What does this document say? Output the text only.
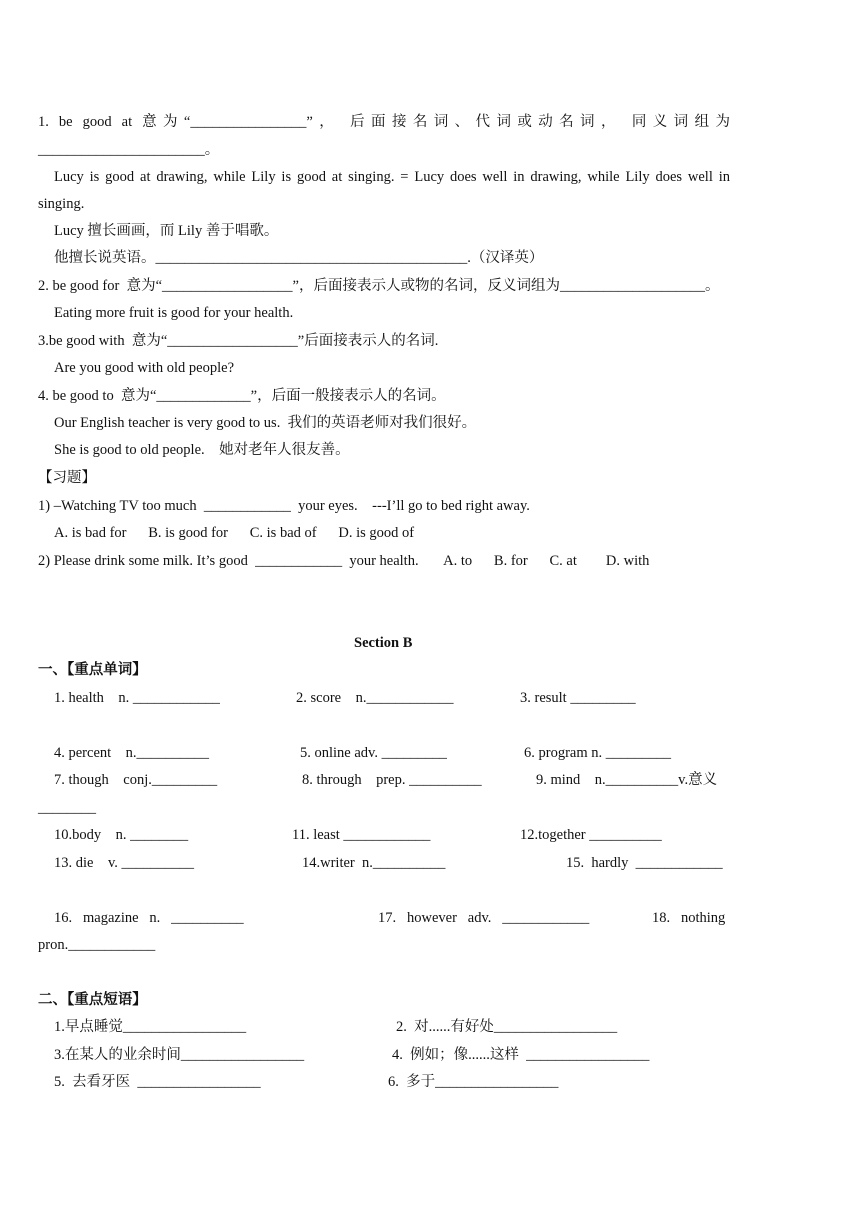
1. be good at 意为“________________”， 后面接名词、代词或动名词， 同义词组为
_______________________。
Lucy is good at drawing, while Lily is good at singing. = Lucy does well in drawing, while Lily does well in
singing.
Lucy 擅长画画，而 Lily 善于唱歌。
他擅长说英语。___________________________________________.（汉译英）
2. be good for  意为“__________________”，后面接表示人或物的名词，反义词组为____________________。
Eating more fruit is good for your health.
3.be good with  意为“__________________”后面接表示人的名词.
Are you good with old people?
4. be good to  意为“_____________”，后面一般接表示人的名词。
Our English teacher is very good to us.  我们的英语老师对我们很好。
She is good to old people.    她对老年人很友善。
【习题】
1) –Watching TV too much  ____________  your eyes.    ---I’ll go to bed right away.
A. is bad for      B. is good for      C. is bad of      D. is good of
2) Please drink some milk. It’s good  ____________  your health.       A. to      B. for      C. at        D. with
Section B
一、【重点单词】
1. health    n. ____________	2. score    n.____________	3. result _________
4. percent    n.__________	5. online adv. _________	6. program n. _________
7. though    conj._________	8. through    prep. __________	9. mind    n.__________v.意义
________
10.body    n. ________	11. least ____________	12.together __________
13. die    v. __________	14.writer  n.__________	15.  hardly  ____________
16.   magazine   n.   __________	17.   however   adv.   ____________	18.   nothing
pron.____________
二、【重点短语】
1.早点睡觉_________________	2.  对......有好处_________________
3.在某人的业余时间_________________	4.  例如；像......这样  _________________
5.  去看牙医  _________________	6.  多于_________________
